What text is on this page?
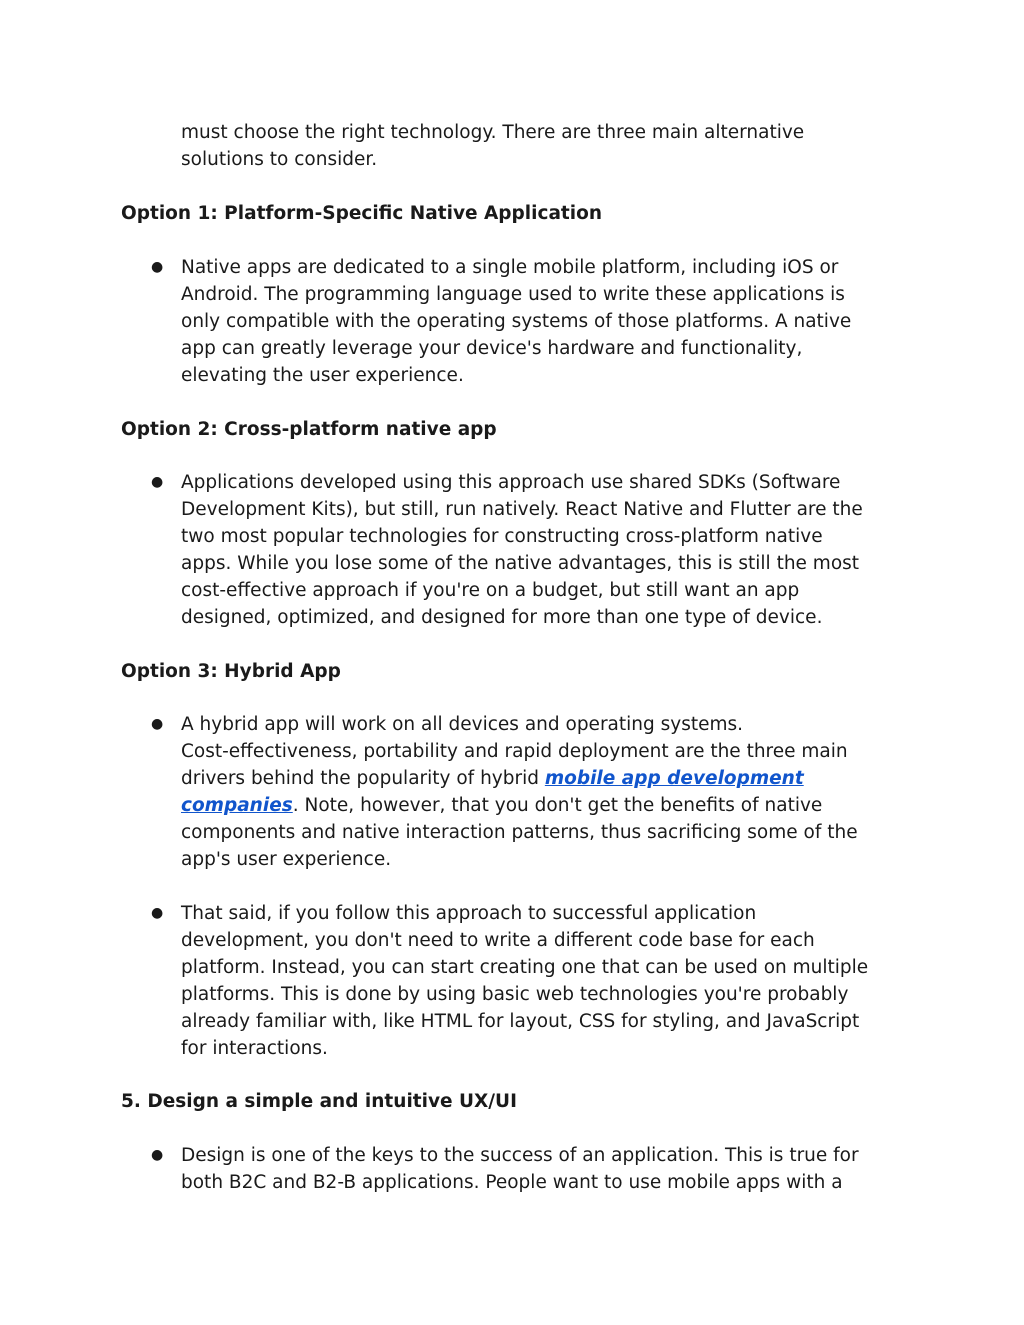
must choose the right technology. There are three main alternative

solutions to consider.

Option 1: Platform-Specific Native Application
● Native apps are dedicated to a single mobile platform, including iOS or

Android. The programming language used to write these applications is

only compatible with the operating systems of those platforms. A native

app can greatly leverage your device's hardware and functionality,

elevating the user experience.

Option 2: Cross-platform native app
● Applications developed using this approach use shared SDKs (Software

Development Kits), but still, run natively. React Native and Flutter are the

two most popular technologies for constructing cross-platform native

apps. While you lose some of the native advantages, this is still the most

cost-effective approach if you're on a budget, but still want an app

designed, optimized, and designed for more than one type of device.

Option 3: Hybrid App
● A hybrid app will work on all devices and operating systems.

Cost-effectiveness, portability and rapid deployment are the three main

drivers behind the popularity of hybrid mobile app development

companies. Note, however, that you don't get the benefits of native

components and native interaction patterns, thus sacrificing some of the

app's user experience.

● That said, if you follow this approach to successful application

development, you don't need to write a different code base for each

platform. Instead, you can start creating one that can be used on multiple

platforms. This is done by using basic web technologies you're probably

already familiar with, like HTML for layout, CSS for styling, and JavaScript

for interactions.

5. Design a simple and intuitive UX/UI
● Design is one of the keys to the success of an application. This is true for

both B2C and B2-B applications. People want to use mobile apps with a
